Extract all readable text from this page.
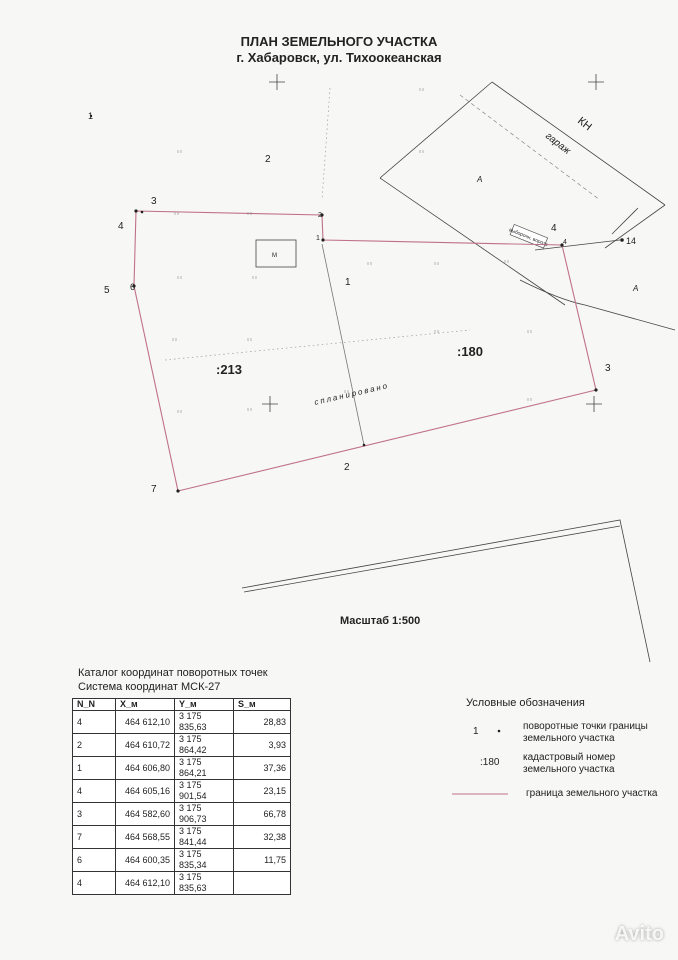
ПЛАН ЗЕМЕЛЬНОГО УЧАСТКА
г. Хабаровск, ул. Тихоокеанская
выборочн. ворота
1
2
3
4
5 6	1
2
7
4
14
3
2
1
4
:213
:180
спланировано
гараж
КН
А
А
М
Масштаб 1:500
Каталог координат поворотных точек
Система координат МСК-27
N_N	X_м	Y_м	S_м
4	464 612,10	3 175 835,63	28,83
2	464 610,72	3 175 864,42	3,93
1	464 606,80	3 175 864,21	37,36
4	464 605,16	3 175 901,54	23,15
3	464 582,60	3 175 906,73	66,78
7	464 568,55	3 175 841,44	32,38
6	464 600,35	3 175 835,34	11,75
4	464 612,10	3 175 835,63	
Условные обозначения
1	поворотные точки границы
земельного участка
:180 кадастровый номер
земельного участка
граница земельного участка
Avito
